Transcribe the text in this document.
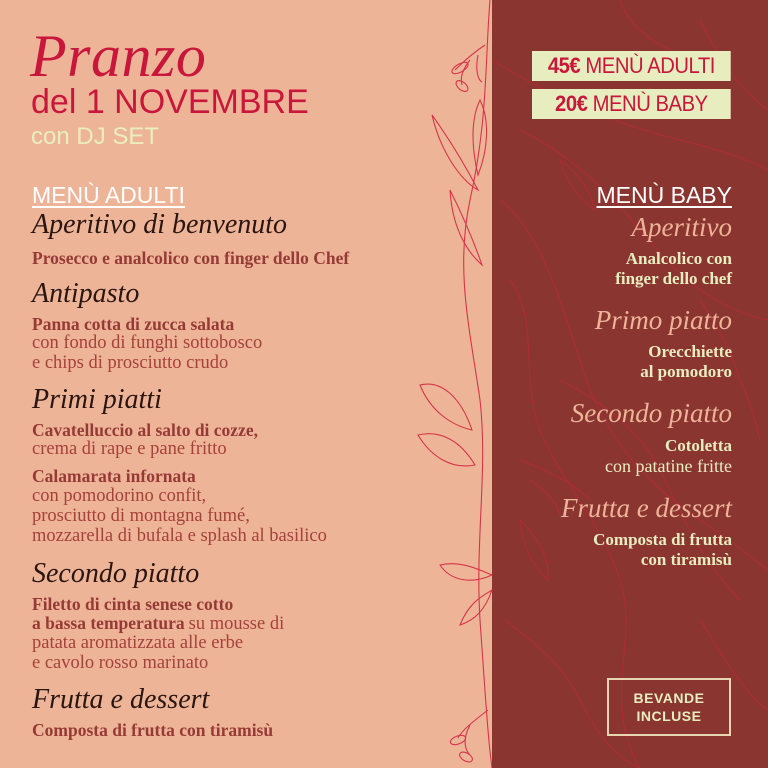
Pranzo
del 1 NOVEMBRE
con DJ SET
45€ MENÙ ADULTI
20€ MENÙ BABY
MENÙ ADULTI
Aperitivo di benvenuto
Prosecco e analcolico con finger dello Chef
Antipasto
Panna cotta di zucca salata
con fondo di funghi sottobosco
e chips di prosciutto crudo
Primi piatti
Cavatelluccio al salto di cozze,
crema di rape e pane fritto
Calamarata infornata
con pomodorino confit,
prosciutto di montagna fumé,
mozzarella di bufala e splash al basilico
Secondo piatto
Filetto di cinta senese cotto
a bassa temperatura su mousse di
patata aromatizzata alle erbe
e cavolo rosso marinato
Frutta e dessert
Composta di frutta con tiramisù
MENÙ BABY
Aperitivo
Analcolico con
finger dello chef
Primo piatto
Orecchiette
al pomodoro
Secondo piatto
Cotoletta
con patatine fritte
Frutta e dessert
Composta di frutta
con tiramisù
BEVANDE
INCLUSE
